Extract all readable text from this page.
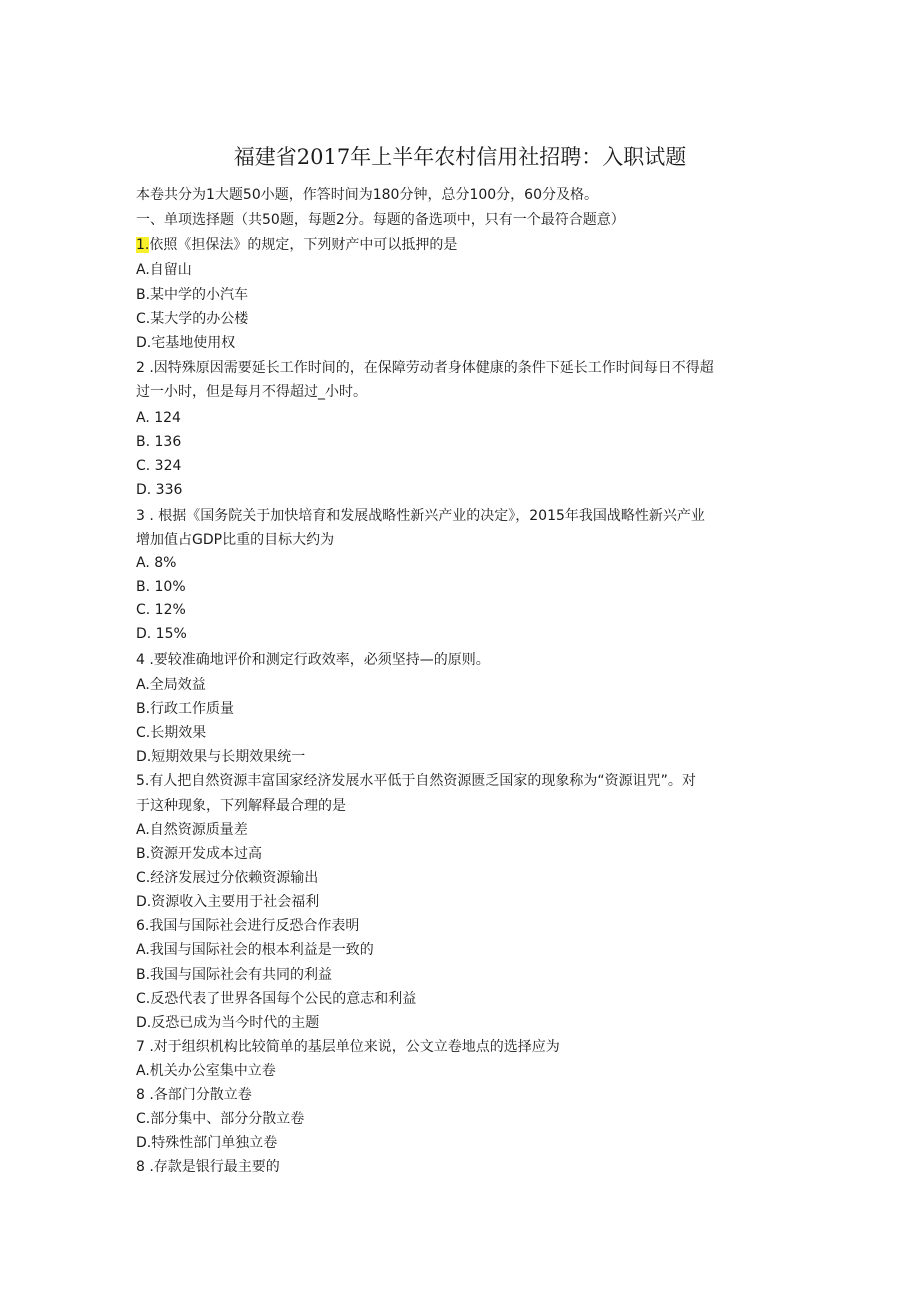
福建省2017年上半年农村信用社招聘：入职试题
本卷共分为1大题50小题，作答时间为180分钟，总分100分，60分及格。
一、单项选择题（共50题，每题2分。每题的备选项中，只有一个最符合题意）
1.依照《担保法》的规定，下列财产中可以抵押的是
A.自留山
B.某中学的小汽车
C.某大学的办公楼
D.宅基地使用权
2 .因特殊原因需要延长工作时间的，在保障劳动者身体健康的条件下延长工作时间每日不得超
过一小时，但是每月不得超过_小时。
A. 124
B. 136
C. 324
D. 336
3 . 根据《国务院关于加快培育和发展战略性新兴产业的决定》，2015年我国战略性新兴产业
增加值占GDP比重的目标大约为
A. 8%
B. 10%
C. 12%
D. 15%
4 .要较准确地评价和测定行政效率，必须坚持—的原则。
A.全局效益
B.行政工作质量
C.长期效果
D.短期效果与长期效果统一
5.有人把自然资源丰富国家经济发展水平低于自然资源匮乏国家的现象称为“资源诅咒”。对
于这种现象，下列解释最合理的是
A.自然资源质量差
B.资源开发成本过高
C.经济发展过分依赖资源输出
D.资源收入主要用于社会福利
6.我国与国际社会进行反恐合作表明
A.我国与国际社会的根本利益是一致的
B.我国与国际社会有共同的利益
C.反恐代表了世界各国每个公民的意志和利益
D.反恐已成为当今时代的主题
7 .对于组织机构比较简单的基层单位来说，公文立卷地点的选择应为
A.机关办公室集中立卷
8 .各部门分散立卷
C.部分集中、部分分散立卷
D.特殊性部门单独立卷
8 .存款是银行最主要的
